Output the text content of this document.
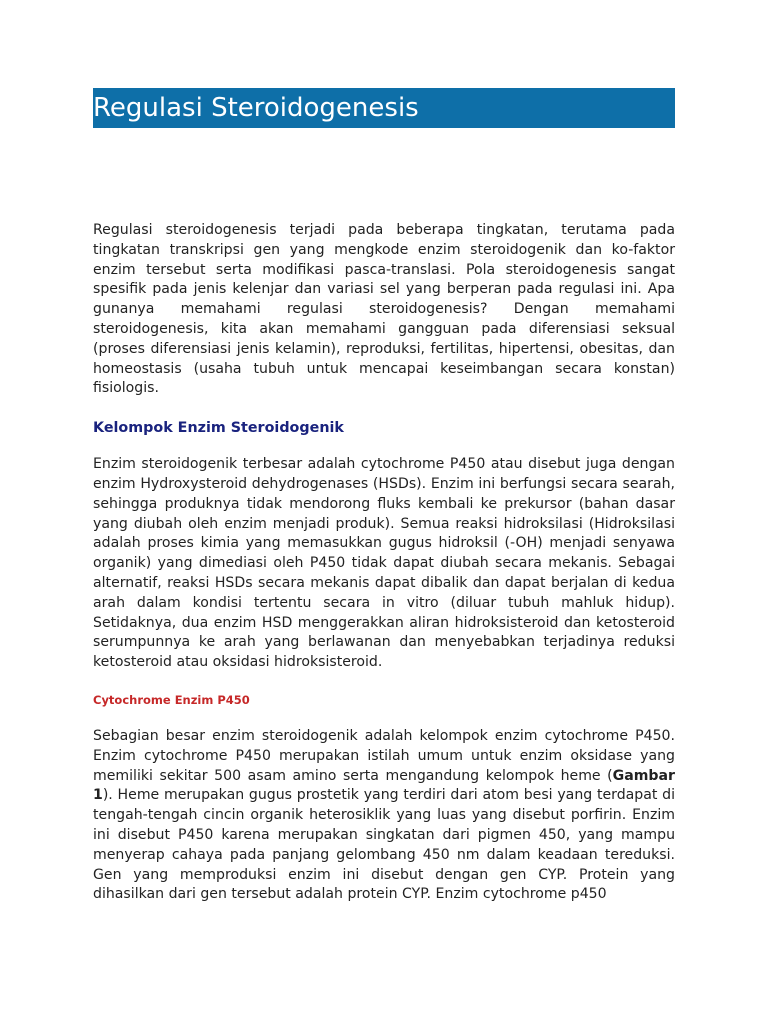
Regulasi Steroidogenesis

Regulasi steroidogenesis terjadi pada beberapa tingkatan, terutama pada tingkatan transkripsi gen yang mengkode enzim steroidogenik dan ko-faktor enzim tersebut serta modifikasi pasca-translasi. Pola steroidogenesis sangat spesifik pada jenis kelenjar dan variasi sel yang berperan pada regulasi ini. Apa gunanya memahami regulasi steroidogenesis? Dengan memahami steroidogenesis, kita akan memahami gangguan pada diferensiasi seksual (proses diferensiasi jenis kelamin), reproduksi, fertilitas, hipertensi, obesitas, dan homeostasis (usaha tubuh untuk mencapai keseimbangan secara konstan) fisiologis.

Kelompok Enzim Steroidogenik

Enzim steroidogenik terbesar adalah cytochrome P450 atau disebut juga dengan enzim Hydroxysteroid dehydrogenases (HSDs). Enzim ini berfungsi secara searah, sehingga produknya tidak mendorong fluks kembali ke prekursor (bahan dasar yang diubah oleh enzim menjadi produk). Semua reaksi hidroksilasi (Hidroksilasi adalah proses kimia yang memasukkan gugus hidroksil (-OH) menjadi senyawa organik) yang dimediasi oleh P450 tidak dapat diubah secara mekanis. Sebagai alternatif, reaksi HSDs secara mekanis dapat dibalik dan dapat berjalan di kedua arah dalam kondisi tertentu secara in vitro (diluar tubuh mahluk hidup). Setidaknya, dua enzim HSD menggerakkan aliran hidroksisteroid dan ketosteroid serumpunnya ke arah yang berlawanan dan menyebabkan terjadinya reduksi ketosteroid atau oksidasi hidroksisteroid.

Cytochrome Enzim P450

Sebagian besar enzim steroidogenik adalah kelompok enzim cytochrome P450. Enzim cytochrome P450 merupakan istilah umum untuk enzim oksidase yang memiliki sekitar 500 asam amino serta mengandung kelompok heme (Gambar 1). Heme merupakan gugus prostetik yang terdiri dari atom besi yang terdapat di tengah-tengah cincin organik heterosiklik yang luas yang disebut porfirin. Enzim ini disebut P450 karena merupakan singkatan dari pigmen 450, yang mampu menyerap cahaya pada panjang gelombang 450 nm dalam keadaan tereduksi. Gen yang memproduksi enzim ini disebut dengan gen CYP. Protein yang dihasilkan dari gen tersebut adalah protein CYP. Enzim cytochrome p450
